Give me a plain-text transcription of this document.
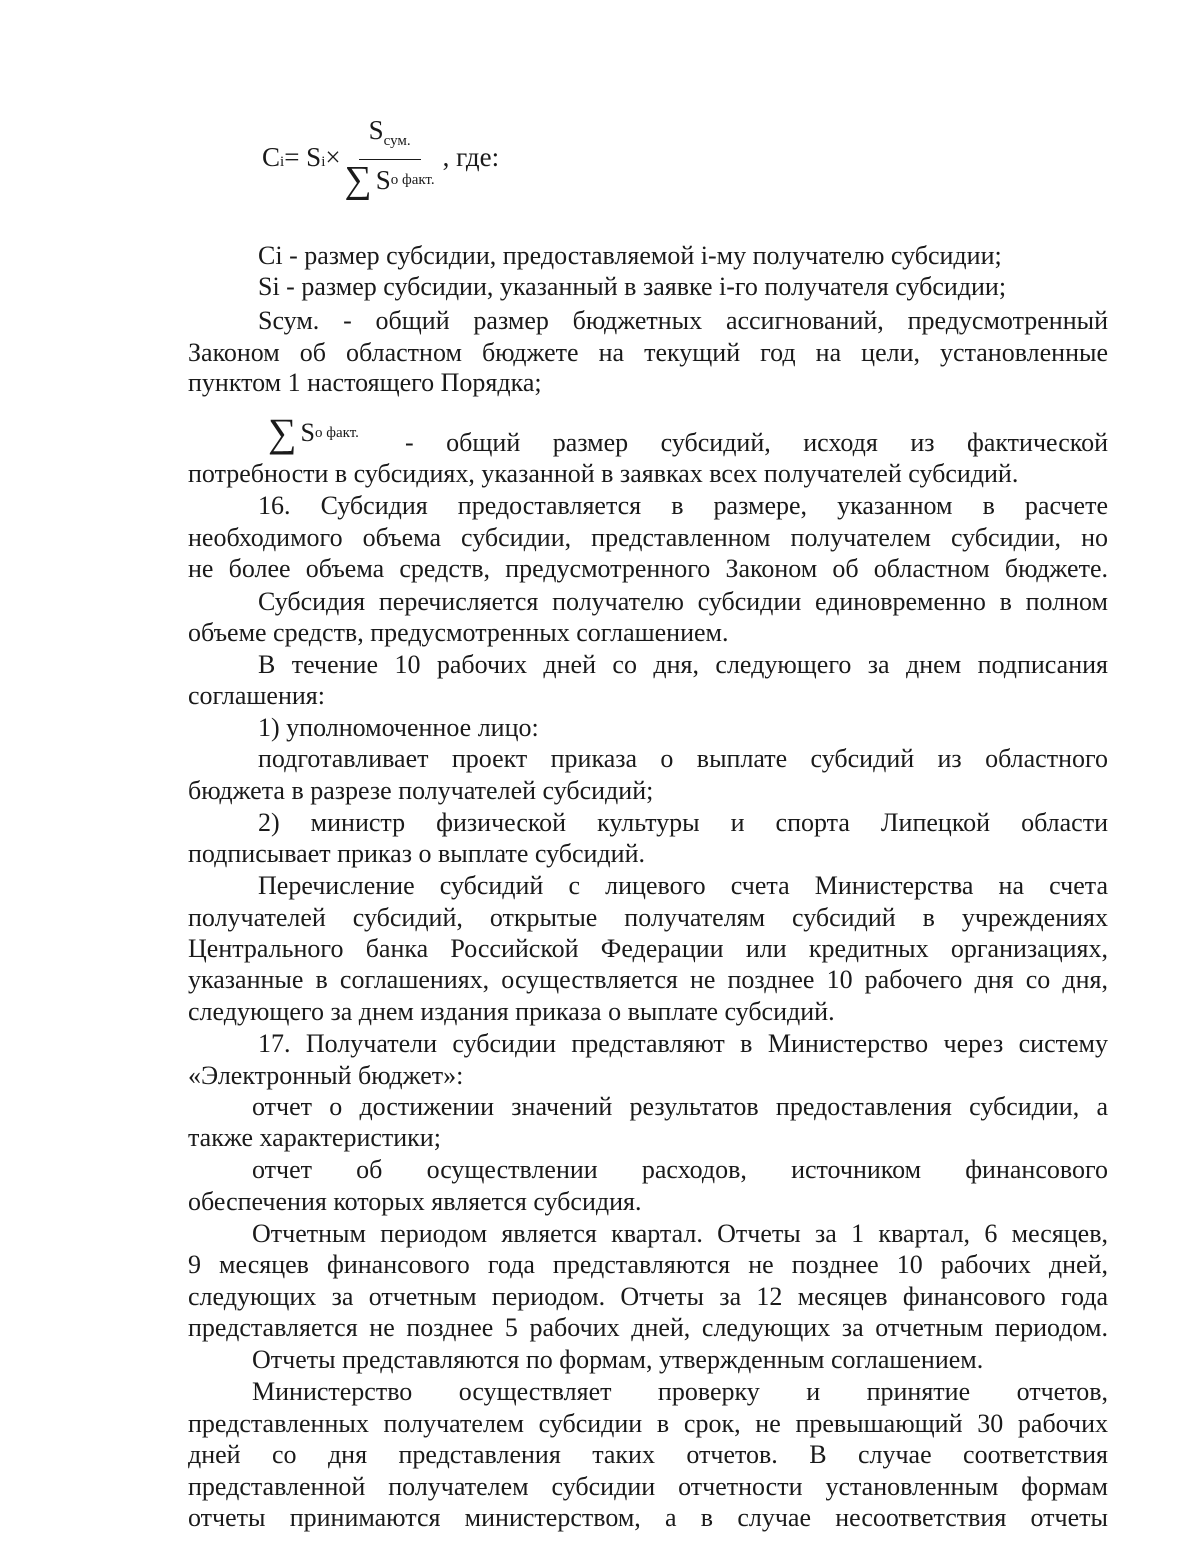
C i = S $i \times \frac{S_{сум.}}{\text{∑ S о факт.}}$ , где:
Ci - размер субсидии, предоставляемой i-му получателю субсидии;
Si - размер субсидии, указанный в заявке i-го получателя субсидии;
Sсум. - общий размер бюджетных ассигнований, предусмотренный
Законом об областном бюджете на текущий год на цели, установленные
пунктом 1 настоящего Порядка;
∑ S о факт. - общий размер субсидий, исходя из фактической
потребности в субсидиях, указанной в заявках всех получателей субсидий.
16. Субсидия предоставляется в размере, указанном в расчете
необходимого объема субсидии, представленном получателем субсидии, но
не более объема средств, предусмотренного Законом об областном бюджете.
Субсидия перечисляется получателю субсидии единовременно в полном
объеме средств, предусмотренных соглашением.
В течение 10 рабочих дней со дня, следующего за днем подписания
соглашения:
1) уполномоченное лицо:
подготавливает проект приказа о выплате субсидий из областного
бюджета в разрезе получателей субсидий;
2) министр физической культуры и спорта Липецкой области
подписывает приказ о выплате субсидий.
Перечисление субсидий с лицевого счета Министерства на счета
получателей субсидий, открытые получателям субсидий в учреждениях
Центрального банка Российской Федерации или кредитных организациях,
указанные в соглашениях, осуществляется не позднее 10 рабочего дня со дня,
следующего за днем издания приказа о выплате субсидий.
17. Получатели субсидии представляют в Министерство через систему
«Электронный бюджет»:
отчет о достижении значений результатов предоставления субсидии, а
также характеристики;
отчет об осуществлении расходов, источником финансового
обеспечения которых является субсидия.
Отчетным периодом является квартал. Отчеты за 1 квартал, 6 месяцев,
9 месяцев финансового года представляются не позднее 10 рабочих дней,
следующих за отчетным периодом. Отчеты за 12 месяцев финансового года
представляется не позднее 5 рабочих дней, следующих за отчетным периодом.
Отчеты представляются по формам, утвержденным соглашением.
Министерство осуществляет проверку и принятие отчетов,
представленных получателем субсидии в срок, не превышающий 30 рабочих
дней со дня представления таких отчетов. В случае соответствия
представленной получателем субсидии отчетности установленным формам
отчеты принимаются министерством, а в случае несоответствия отчеты
